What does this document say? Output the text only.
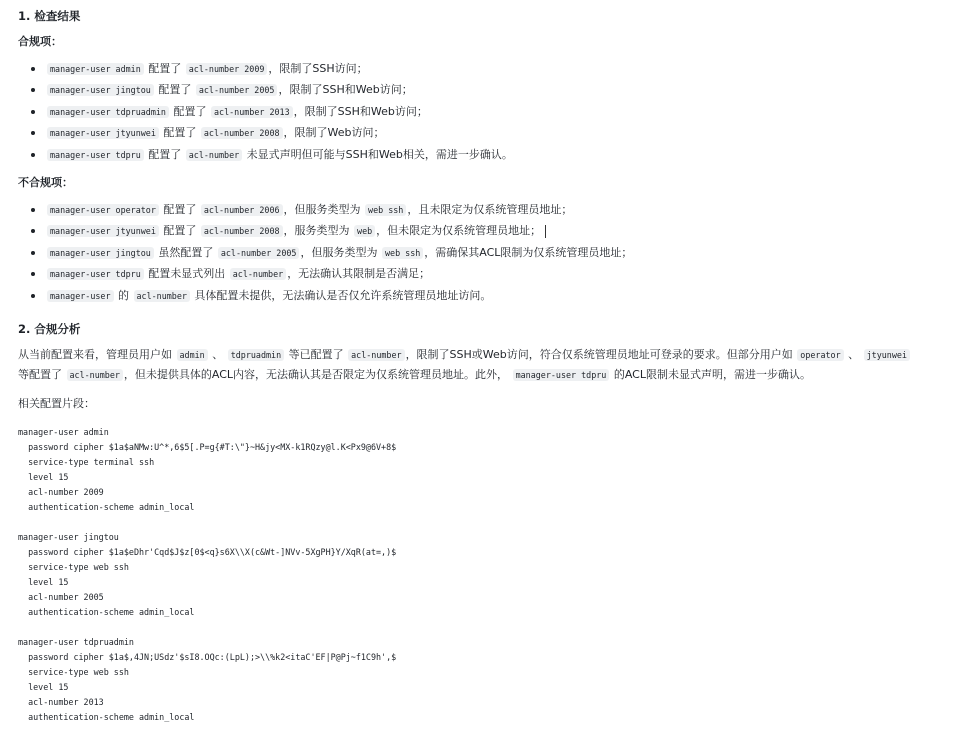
1. 检查结果
合规项：
manager-user admin 配置了 acl-number 2009 ，限制了SSH访问；
manager-user jingtou 配置了 acl-number 2005 ，限制了SSH和Web访问；
manager-user tdpruadmin 配置了 acl-number 2013 ，限制了SSH和Web访问；
manager-user jtyunwei 配置了 acl-number 2008 ，限制了Web访问；
manager-user tdpru 配置了 acl-number 未显式声明但可能与SSH和Web相关，需进一步确认。
不合规项：
manager-user operator 配置了 acl-number 2006 ，但服务类型为 web ssh ，且未限定为仅系统管理员地址；
manager-user jtyunwei 配置了 acl-number 2008 ，服务类型为 web ，但未限定为仅系统管理员地址；
manager-user jingtou 虽然配置了 acl-number 2005 ，但服务类型为 web ssh ，需确保其ACL限制为仅系统管理员地址；
manager-user tdpru 配置未显式列出 acl-number ，无法确认其限制是否满足；
manager-user 的 acl-number 具体配置未提供，无法确认是否仅允许系统管理员地址访问。
2. 合规分析
从当前配置来看，管理员用户如 admin 、 tdpruadmin 等已配置了 acl-number ，限制了SSH或Web访问，符合仅系统管理员地址可登录的要求。但部分用户如 operator 、 jtyunwei 等配置了 acl-number ，但未提供具体的ACL内容，无法确认其是否限定为仅系统管理员地址。此外， manager-user tdpru 的ACL限制未显式声明，需进一步确认。
相关配置片段：
manager-user admin
password cipher $1a$aNMw:U^*,6$5[.P=g{#T:\"}~H&jy<MX-k1RQzy@l.K<Px9@6V+8$
service-type terminal ssh
level 15
acl-number 2009
authentication-scheme admin_local

manager-user jingtou
password cipher $1a$eDhr'Cqd$J$z[0$<q}s6X\\X(c&Wt-]NVv-5XgPH}Y/XqR(at=,)$
service-type web ssh
level 15
acl-number 2005
authentication-scheme admin_local

manager-user tdpruadmin
password cipher $1a$,4JN;USdz'$sI8.OQc:(LpL);>\\%k2<itaC'EF|P@Pj~f1C9h',$
service-type web ssh
level 15
acl-number 2013
authentication-scheme admin_local
